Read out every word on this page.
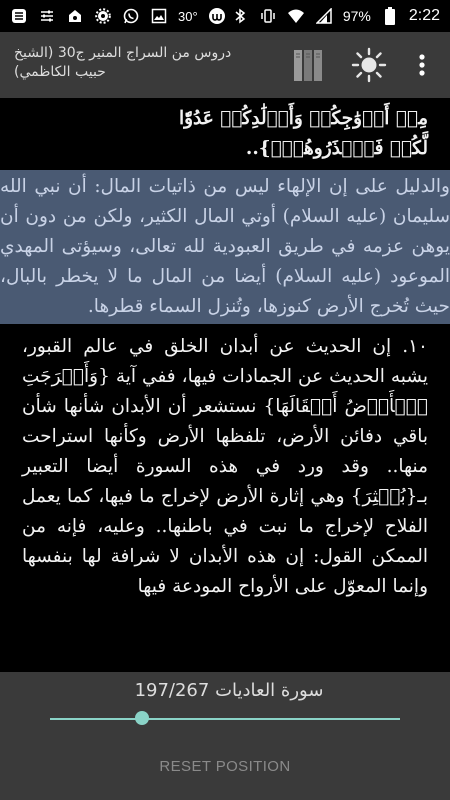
30°	97% 2:22
دروس من السراج المنير ج30 (الشيخ
حبيب الكاظمي)
مِنۡ أَزۡوَٰجِكُمۡ وَأَوۡلَٰدِكُمۡ عَدُوّٗا
لَّكُمۡ فَٱحۡذَرُوهُمۡۚ}..
والدليل على إن الإلهاء ليس من ذاتيات المال: أن نبي الله سليمان (عليه السلام) أوتي المال الكثير، ولكن من دون أن يوهن عزمه في طريق العبودية لله تعالى، وسيؤتى المهدي الموعود (عليه السلام) أيضا من المال ما لا يخطر بالبال، حيث تُخرج الأرض كنوزها، وتُنزل السماء قطرها.
١٠. إن الحديث عن أبدان الخلق في عالم القبور، يشبه الحديث عن الجمادات فيها، ففي آية {وَأَخۡرَجَتِ ٱلۡأَرۡضُ أَثۡقَالَهَا} نستشعر أن الأبدان شأنها شأن باقي دفائن الأرض، تلفظها الأرض وكأنها استراحت منها.. وقد ورد في هذه السورة أيضا التعبير بـ{بُعۡثِرَ} وهي إثارة الأرض لإخراج ما فيها، كما يعمل الفلاح لإخراج ما نبت في باطنها.. وعليه، فإنه من الممكن القول: إن هذه الأبدان لا شرافة لها بنفسها وإنما المعوّل على الأرواح المودعة فيها
سورة العاديات 197/267
RESET POSITION
